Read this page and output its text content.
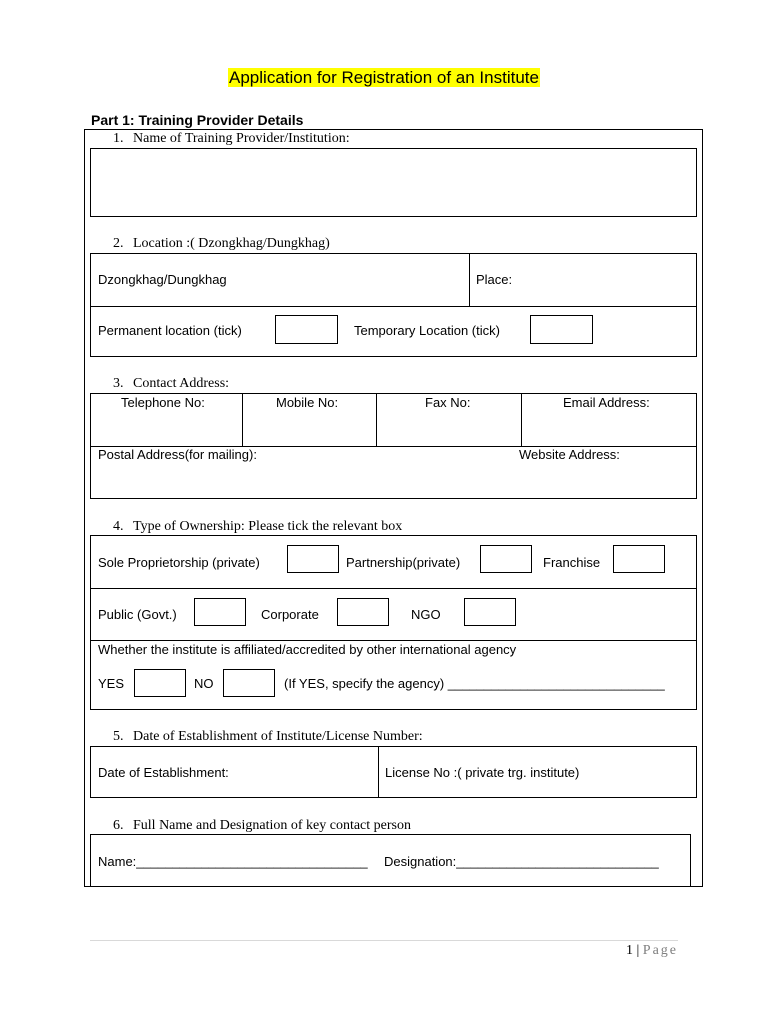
Application for Registration of an Institute
Part 1: Training Provider Details
1. Name of Training Provider/Institution:
2. Location :( Dzongkhag/Dungkhag)
Dzongkhag/Dungkhag	Place:
Permanent location (tick)	Temporary Location (tick)
3. Contact Address:
Telephone No:	Mobile No:	Fax No:	Email Address:
Postal Address(for mailing):	Website Address:
4. Type of Ownership: Please tick the relevant box
Sole Proprietorship (private)	Partnership(private)	Franchise
Public (Govt.)	Corporate	NGO
Whether the institute is affiliated/accredited by other international agency
YES	NO	(If YES, specify the agency) ______________________________
5. Date of Establishment of Institute/License Number:
Date of Establishment:	License No :( private trg. institute)
6. Full Name and Designation of key contact person
Name:________________________________ Designation:____________________________
1 | Page
